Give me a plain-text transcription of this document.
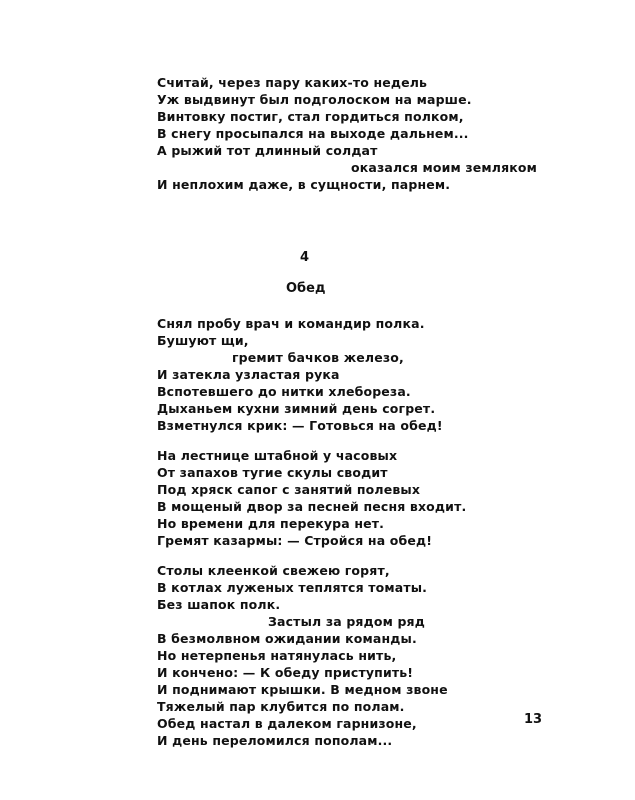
Считай, через пару каких-то недель
Уж выдвинут был подголоском на марше.
Винтовку постиг, стал гордиться полком,
В снегу просыпался на выходе дальнем...
А рыжий тот длинный солдат
оказался моим земляком
И неплохим даже, в сущности, парнем.
4
Обед
Снял пробу врач и командир полка.
Бушуют щи,
гремит бачков железо,
И затекла узластая рука
Вспотевшего до нитки хлебореза.
Дыханьем кухни зимний день согрет.
Взметнулся крик: — Готовься на обед!
На лестнице штабной у часовых
От запахов тугие скулы сводит
Под хряск сапог с занятий полевых
В мощеный двор за песней песня входит.
Но времени для перекура нет.
Гремят казармы: — Стройся на обед!
Столы клеенкой свежею горят,
В котлах луженых теплятся томаты.
Без шапок полк.
Застыл за рядом ряд
В безмолвном ожидании команды.
Но нетерпенья натянулась нить,
И кончено: — К обеду приступить!
И поднимают крышки. В медном звоне
Тяжелый пар клубится по полам.
Обед настал в далеком гарнизоне,
И день переломился пополам...
13
